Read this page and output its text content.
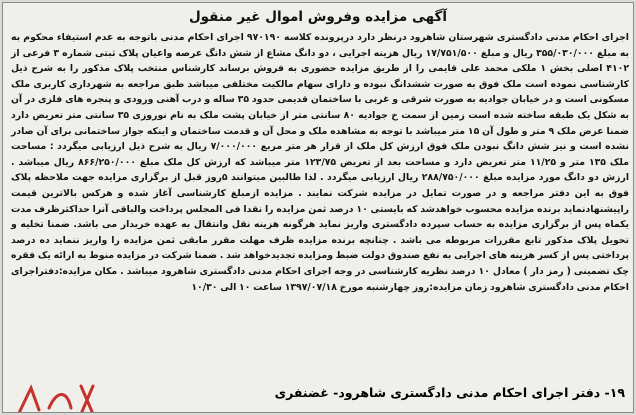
آگهی مزایده وفروش اموال غیر منقول

اجرای احکام مدنی دادگستری شهرستان شاهرود درنظر دارد درپرونده کلاسه ۹۷۰۱۹۰ اجرای احکام مدنی باتوجه به عدم استیفاء محکوم به به مبلغ ۳۵۵/۰۳۰/۰۰۰ ریال و مبلغ ۱۷/۷۵۱/۵۰۰ ریال هزینه اجرایی ، دو دانگ مشاع از شش دانگ عرصه واعیان پلاک ثبتی شماره ۳ فرعی از ۴۱۰۲ اصلی بخش ۱ ملکی محمد علی قایمی را از طریق مزایده حضوری به فروش برساند کارشناس منتخب پلاک مذکور را به شرح ذیل کارشناسی نموده است ملک فوق به صورت ششدانگ نبوده و دارای سهام مالکیت مختلفی میباشد طبق مراجعه به شهرداری کاربری ملک مسکونی است و در خیابان جوادیه به صورت شرقی و غربی با ساختمان قدیمی حدود ۳۵ ساله و درب آهنی ورودی و پنجره های فلزی در آن به شکل یک طبقه ساخته شده است زمین از سمت خ جوادیه ۸۰ سانتی متر از خیابان پشت ملک به نام نوروزی ۳۵ سانتی متر تعریض دارد ضمنا عرض ملک ۹ متر و طول آن ۱۵ متر میباشد با توجه به مشاهده ملک و محل آن و قدمت ساختمان و اینکه جواز ساختمانی برای آن صادر نشده است و نیز شش دانگ نبودن ملک فوق ارزش کل ملک از قرار هر متر مربع ۷/۰۰۰/۰۰۰ ریال به شرح ذیل ارزیابی میگردد : مساحت ملک ۱۳۵ متر و ۱۱/۲۵ متر تعریض دارد و مساحت بعد از تعریض ۱۲۳/۷۵ متر میباشد که ارزش کل ملک مبلغ ۸۶۶/۲۵۰/۰۰۰ ریال میباشد . ارزش دو دانگ مورد مزایده مبلغ ۲۸۸/۷۵۰/۰۰۰ ریال ارزیابی میگردد . لذا طالبین میتوانند ۵روز قبل از برگزاری مزایده جهت ملاحظه پلاک فوق به این دفتر مراجعه و در صورت تمایل در مزایده شرکت نمایند . مزایده ازمبلغ کارشناسی آغاز شده و هرکس بالاترین قیمت راپیشنهادنماید برنده مزایده محسوب خواهدشد که بایستی ۱۰ درصد ثمن مزایده را نقدا فی المجلس پرداخت والباقی آنرا حداکثرظرف مدت یکماه پس از برگزاری مزایده به حساب سپرده دادگستری واریز نماید هرگونه هزینه نقل وانتقال به عهده خریدار می باشد. ضمنا تخلیه و تحویل پلاک مذکور تابع مقررات مربوطه می باشد . چنانچه برنده مزایده ظرف مهلت مقرر مابقی ثمن مزایده را واریز ننماید ده درصد پرداختی پس از کسر هزینه های اجرایی به نفع صندوق دولت ضبط ومزایده تجدیدخواهد شد . ضمنا شرکت در مزایده منوط به ارائه یک فقره چک تضمینی ( رمز دار ) معادل ۱۰ درصد نظریه کارشناسی در وجه اجرای احکام مدنی دادگستری شاهرود میباشد . مکان مزایده:دفتراجرای احکام مدنی دادگستری شاهرود زمان مزایده:روز چهارشنبه مورخ ۱۳۹۷/۰۷/۱۸ ساعت ۱۰ الی ۱۰/۳۰

۱۹- دفتر اجرای احکام مدنی دادگستری شاهرود- غضنفری
